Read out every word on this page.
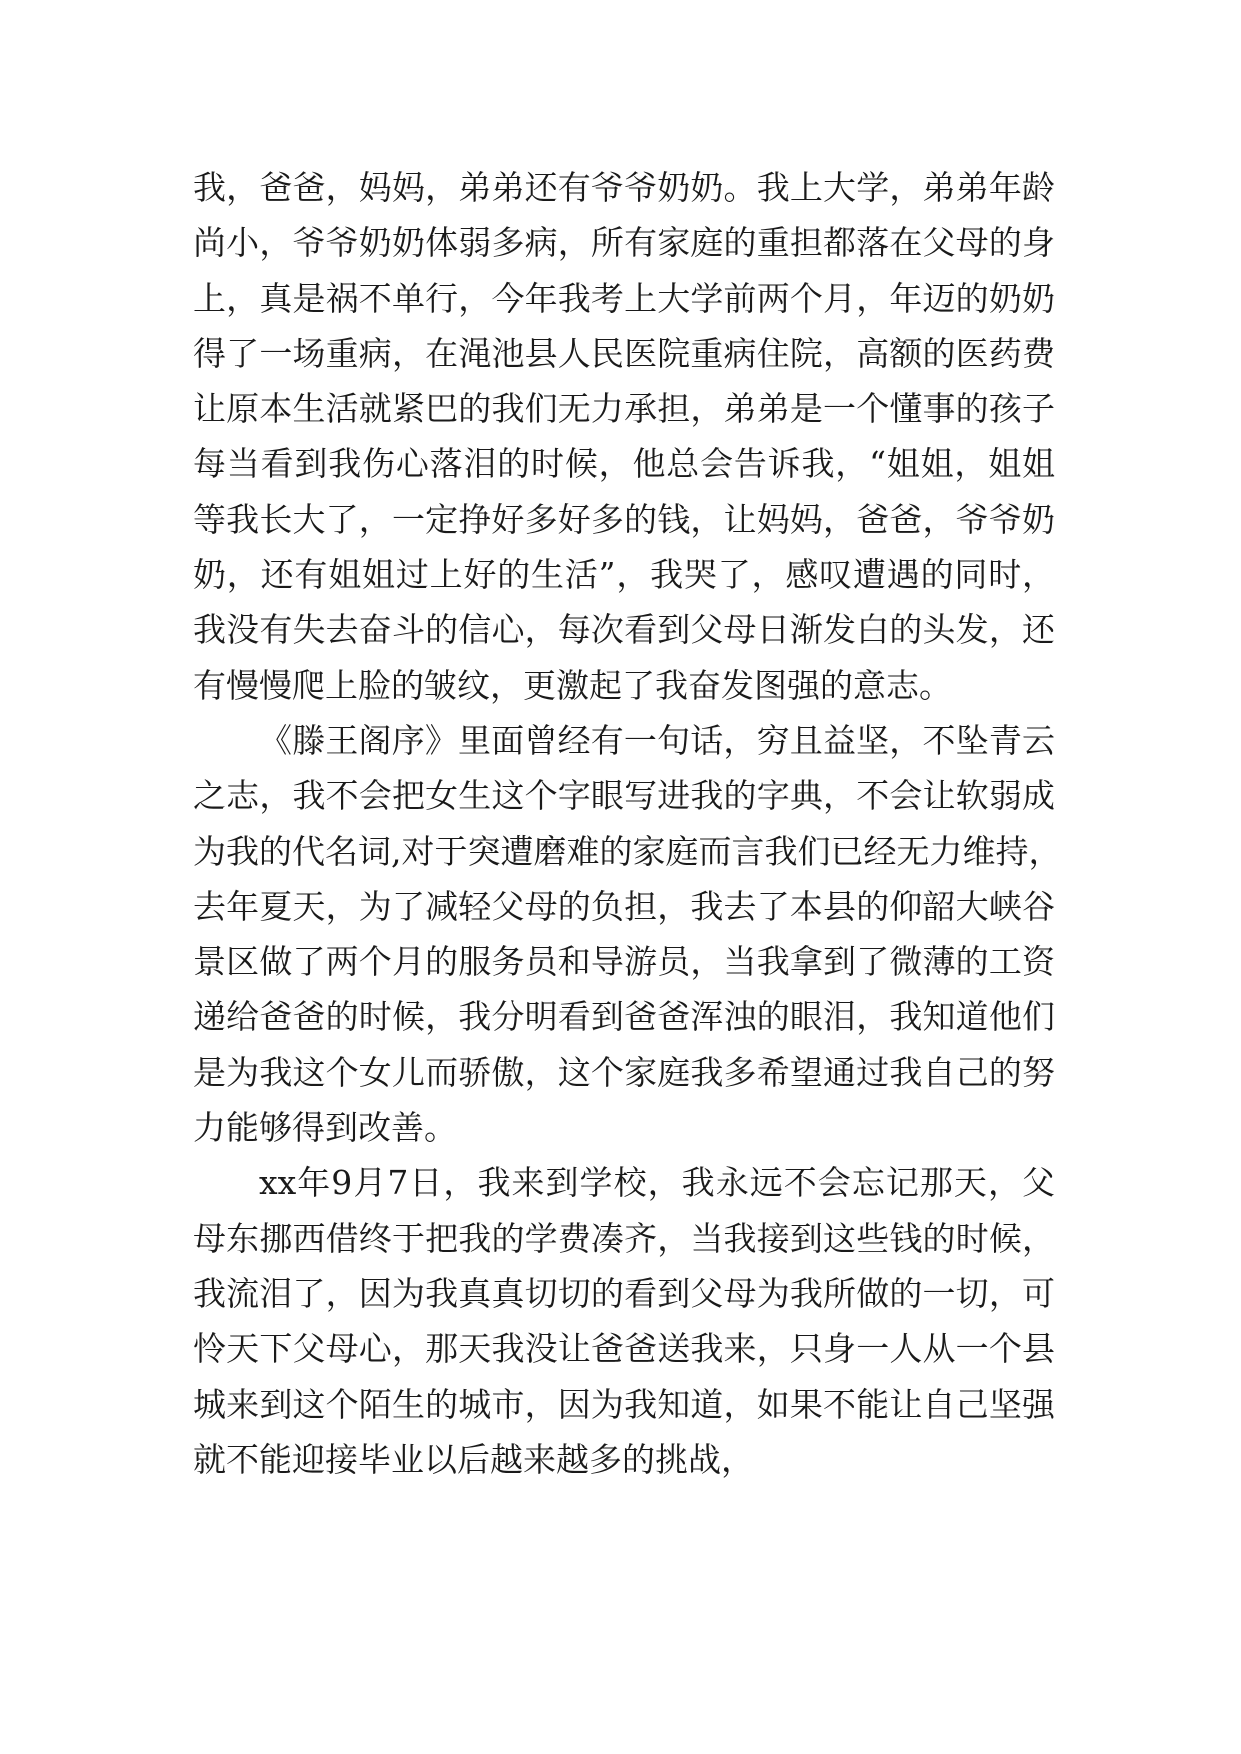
我，爸爸，妈妈，弟弟还有爷爷奶奶。我上大学，弟弟年龄
尚小，爷爷奶奶体弱多病，所有家庭的重担都落在父母的身
上，真是祸不单行，今年我考上大学前两个月，年迈的奶奶
得了一场重病，在渑池县人民医院重病住院，高额的医药费
让原本生活就紧巴的我们无力承担，弟弟是一个懂事的孩子
每当看到我伤心落泪的时候，他总会告诉我，“姐姐，姐姐
等我长大了，一定挣好多好多的钱，让妈妈，爸爸，爷爷奶
奶，还有姐姐过上好的生活”，我哭了，感叹遭遇的同时，
我没有失去奋斗的信心，每次看到父母日渐发白的头发，还
有慢慢爬上脸的皱纹，更激起了我奋发图强的意志。
《滕王阁序》里面曾经有一句话，穷且益坚，不坠青云
之志，我不会把女生这个字眼写进我的字典，不会让软弱成
为我的代名词,对于突遭磨难的家庭而言我们已经无力维持，
去年夏天，为了减轻父母的负担，我去了本县的仰韶大峡谷
景区做了两个月的服务员和导游员，当我拿到了微薄的工资
递给爸爸的时候，我分明看到爸爸浑浊的眼泪，我知道他们
是为我这个女儿而骄傲，这个家庭我多希望通过我自己的努
力能够得到改善。
xx年9月7日，我来到学校，我永远不会忘记那天，父
母东挪西借终于把我的学费凑齐，当我接到这些钱的时候，
我流泪了，因为我真真切切的看到父母为我所做的一切，可
怜天下父母心，那天我没让爸爸送我来，只身一人从一个县
城来到这个陌生的城市，因为我知道，如果不能让自己坚强
就不能迎接毕业以后越来越多的挑战，
